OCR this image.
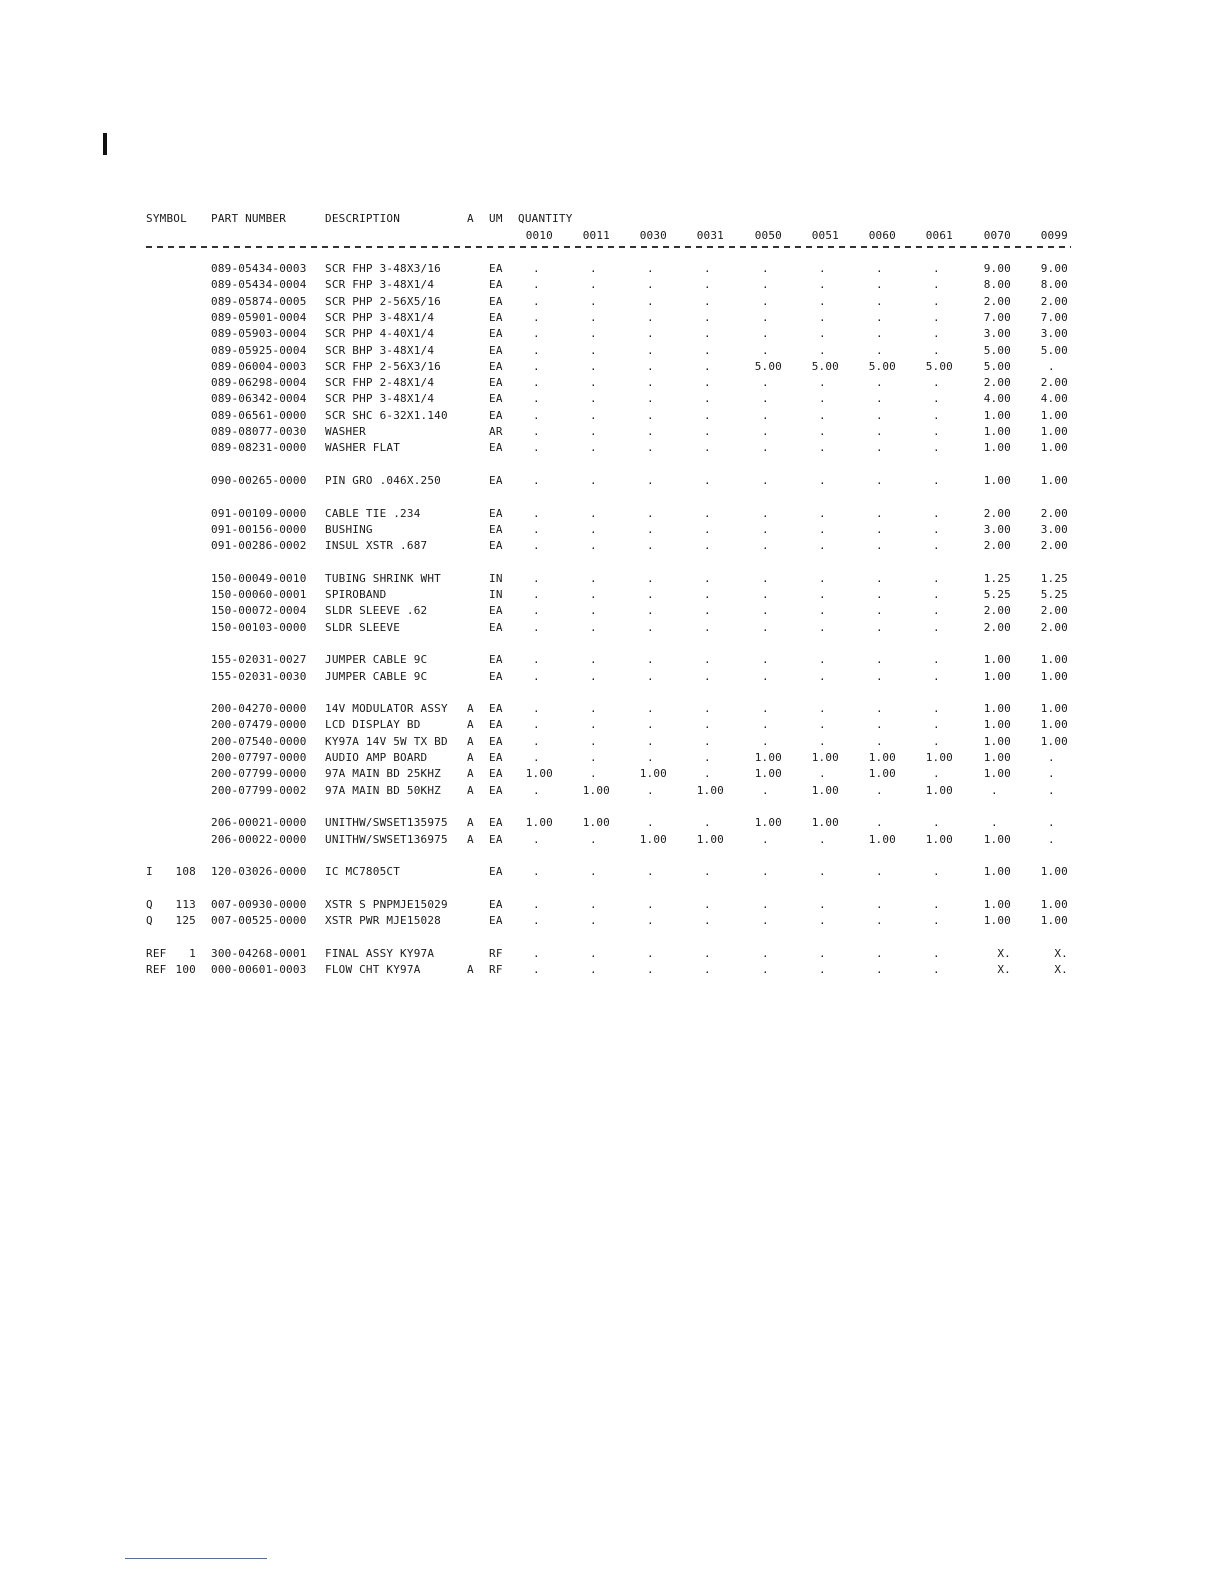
SYMBOL PART NUMBER	DESCRIPTION	A UM QUANTITY
0010	0011	0030	0031	0050	0051	0060	0061	0070	0099
089-05434-0003 SCR FHP 3-48X3/16	EA	.	.	.	.	.	.	.	.	9.00	9.00
089-05434-0004 SCR FHP 3-48X1/4	EA	.	.	.	.	.	.	.	.	8.00	8.00
089-05874-0005 SCR PHP 2-56X5/16	EA	.	.	.	.	.	.	.	.	2.00	2.00
089-05901-0004 SCR PHP 3-48X1/4	EA	.	.	.	.	.	.	.	.	7.00	7.00
089-05903-0004 SCR PHP 4-40X1/4	EA	.	.	.	.	.	.	.	.	3.00	3.00
089-05925-0004 SCR BHP 3-48X1/4	EA	.	.	.	.	.	.	.	.	5.00	5.00
089-06004-0003 SCR FHP 2-56X3/16	EA	.	.	.	.	5.00	5.00	5.00	5.00	5.00	.
089-06298-0004 SCR FHP 2-48X1/4	EA	.	.	.	.	.	.	.	.	2.00	2.00
089-06342-0004 SCR PHP 3-48X1/4	EA	.	.	.	.	.	.	.	.	4.00	4.00
089-06561-0000 SCR SHC 6-32X1.140	EA	.	.	.	.	.	.	.	.	1.00	1.00
089-08077-0030 WASHER	AR	.	.	.	.	.	.	.	.	1.00	1.00
089-08231-0000 WASHER FLAT	EA	.	.	.	.	.	.	.	.	1.00	1.00
090-00265-0000 PIN GRO .046X.250	EA	.	.	.	.	.	.	.	.	1.00	1.00
091-00109-0000 CABLE TIE .234	EA	.	.	.	.	.	.	.	.	2.00	2.00
091-00156-0000 BUSHING	EA	.	.	.	.	.	.	.	.	3.00	3.00
091-00286-0002 INSUL XSTR .687	EA	.	.	.	.	.	.	.	.	2.00	2.00
150-00049-0010 TUBING SHRINK WHT	IN	.	.	.	.	.	.	.	.	1.25	1.25
150-00060-0001 SPIROBAND	IN	.	.	.	.	.	.	.	.	5.25	5.25
150-00072-0004 SLDR SLEEVE .62	EA	.	.	.	.	.	.	.	.	2.00	2.00
150-00103-0000 SLDR SLEEVE	EA	.	.	.	.	.	.	.	.	2.00	2.00
155-02031-0027 JUMPER CABLE 9C	EA	.	.	.	.	.	.	.	.	1.00	1.00
155-02031-0030 JUMPER CABLE 9C	EA	.	.	.	.	.	.	.	.	1.00	1.00
200-04270-0000 14V MODULATOR ASSY A EA	.	.	.	.	.	.	.	.	1.00	1.00
200-07479-0000 LCD DISPLAY BD	A EA	.	.	.	.	.	.	.	.	1.00	1.00
200-07540-0000 KY97A 14V 5W TX BD A EA	.	.	.	.	.	.	.	.	1.00	1.00
200-07797-0000 AUDIO AMP BOARD	A EA	.	.	.	.	1.00	1.00	1.00	1.00	1.00	.
200-07799-0000 97A MAIN BD 25KHZ A EA	1.00	.	1.00	.	1.00	.	1.00	.	1.00	.
200-07799-0002 97A MAIN BD 50KHZ A EA	.	1.00	.	1.00	.	1.00	.	1.00	.	.
206-00021-0000 UNITHW/SWSET135975 A EA	1.00	1.00	.	.	1.00	1.00	.	.	.	.
206-00022-0000 UNITHW/SWSET136975 A EA	.	.	1.00	1.00	.	.	1.00	1.00	1.00	.
I	108 120-03026-0000 IC MC7805CT	EA	.	.	.	.	.	.	.	.	1.00	1.00
Q	113 007-00930-0000 XSTR S PNPMJE15029	EA	.	.	.	.	.	.	.	.	1.00	1.00
Q	125 007-00525-0000 XSTR PWR MJE15028	EA	.	.	.	.	.	.	.	.	1.00	1.00
REF	1 300-04268-0001 FINAL ASSY KY97A	RF	.	.	.	.	.	.	.	.	X.	X.
REF 100 000-00601-0003 FLOW CHT KY97A	A RF	.	.	.	.	.	.	.	.	X.	X.
